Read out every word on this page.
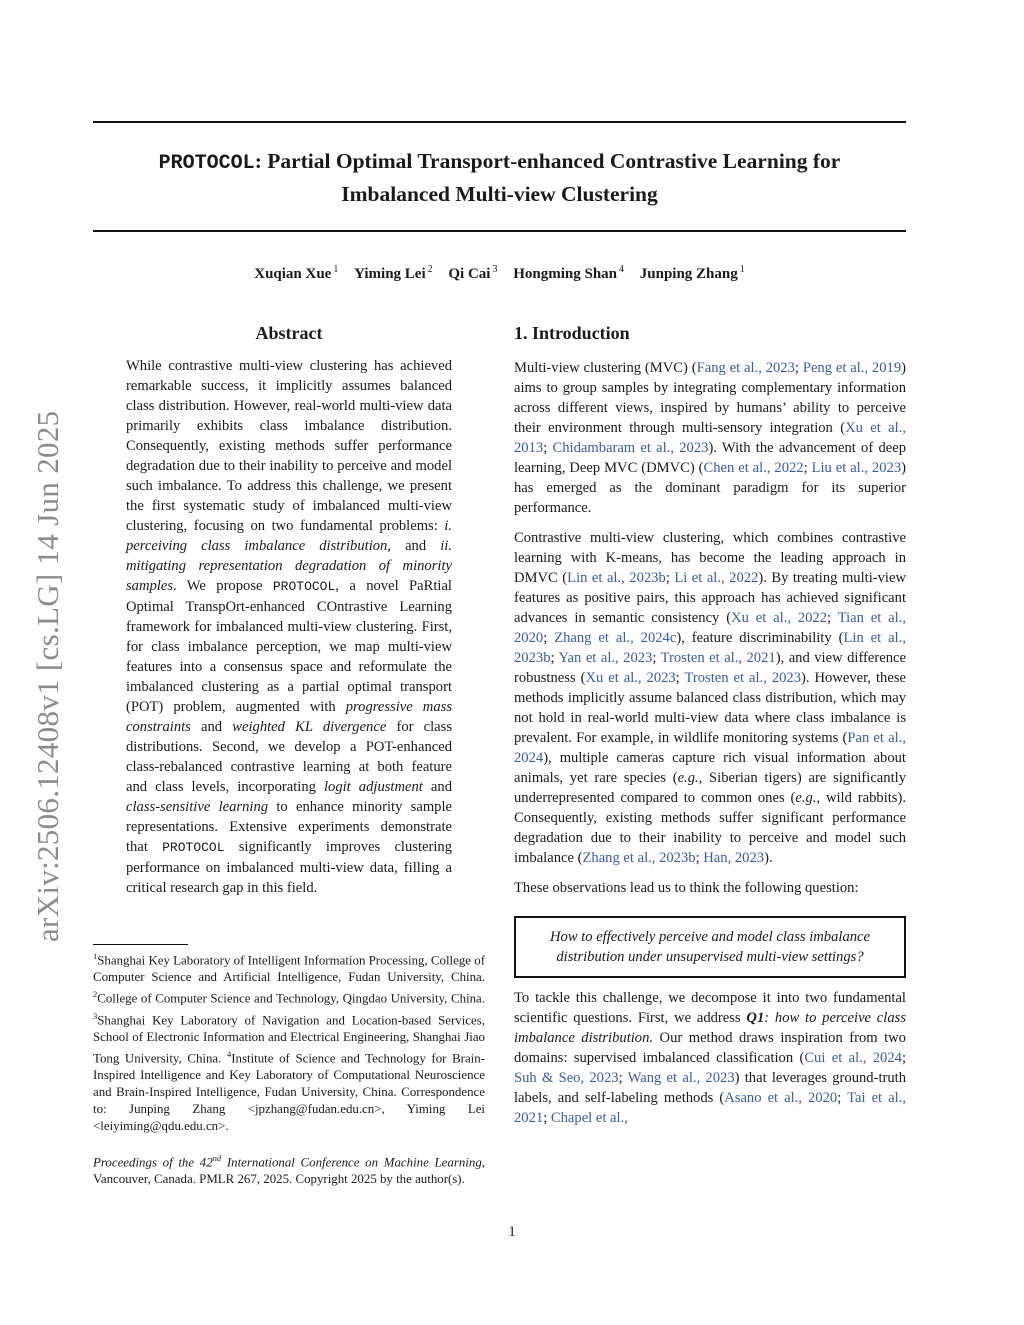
PROTOCOL: Partial Optimal Transport-enhanced Contrastive Learning for
Imbalanced Multi-view Clustering
Xuqian Xue $^1$ Yiming Lei $^2$ Qi Cai $^3$ Hongming Shan $^4$ Junping Zhang $^1$
arXiv:2506.12408v1 [cs.LG] 14 Jun 2025
Abstract

While contrastive multi-view clustering has achieved remarkable success, it implicitly assumes balanced class distribution. However, real-world multi-view data primarily exhibits class imbalance distribution. Consequently, existing methods suffer performance degradation due to their inability to perceive and model such imbalance. To address this challenge, we present the first systematic study of imbalanced multi-view clustering, focusing on two fundamental problems: i. perceiving class imbalance distribution, and ii. mitigating representation degradation of minority samples. We propose PROTOCOL, a novel PaRtial Optimal TranspOrt-enhanced COntrastive Learning framework for imbalanced multi-view clustering. First, for class imbalance perception, we map multi-view features into a consensus space and reformulate the imbalanced clustering as a partial optimal transport (POT) problem, augmented with progressive mass constraints and weighted KL divergence for class distributions. Second, we develop a POT-enhanced class-rebalanced contrastive learning at both feature and class levels, incorporating logit adjustment and class-sensitive learning to enhance minority sample representations. Extensive experiments demonstrate that PROTOCOL significantly improves clustering performance on imbalanced multi-view data, filling a critical research gap in this field.

$^1$Shanghai Key Laboratory of Intelligent Information Processing, College of Computer Science and Artificial Intelligence, Fudan University, China. $^2$College of Computer Science and Technology, Qingdao University, China. $^3$Shanghai Key Laboratory of Navigation and Location-based Services, School of Electronic Information and Electrical Engineering, Shanghai Jiao Tong University, China. $^4$Institute of Science and Technology for Brain-Inspired Intelligence and Key Laboratory of Computational Neuroscience and Brain-Inspired Intelligence, Fudan University, China. Correspondence to: Junping Zhang <jpzhang@fudan.edu.cn>, Yiming Lei <leiyiming@qdu.edu.cn>.
Proceedings of the 42nd International Conference on Machine Learning, Vancouver, Canada. PMLR 267, 2025. Copyright 2025 by the author(s).
1. Introduction

Multi-view clustering (MVC) (Fang et al., 2023; Peng et al., 2019) aims to group samples by integrating complementary information across different views, inspired by humans’ ability to perceive their environment through multi-sensory integration (Xu et al., 2013; Chidambaram et al., 2023). With the advancement of deep learning, Deep MVC (DMVC) (Chen et al., 2022; Liu et al., 2023) has emerged as the dominant paradigm for its superior performance.

Contrastive multi-view clustering, which combines contrastive learning with K-means, has become the leading approach in DMVC (Lin et al., 2023b; Li et al., 2022). By treating multi-view features as positive pairs, this approach has achieved significant advances in semantic consistency (Xu et al., 2022; Tian et al., 2020; Zhang et al., 2024c), feature discriminability (Lin et al., 2023b; Yan et al., 2023; Trosten et al., 2021), and view difference robustness (Xu et al., 2023; Trosten et al., 2023). However, these methods implicitly assume balanced class distribution, which may not hold in real-world multi-view data where class imbalance is prevalent. For example, in wildlife monitoring systems (Pan et al., 2024), multiple cameras capture rich visual information about animals, yet rare species (e.g., Siberian tigers) are significantly underrepresented compared to common ones (e.g., wild rabbits). Consequently, existing methods suffer significant performance degradation due to their inability to perceive and model such imbalance (Zhang et al., 2023b; Han, 2023).

These observations lead us to think the following question:

How to effectively perceive and model class imbalance distribution under unsupervised multi-view settings?

To tackle this challenge, we decompose it into two fundamental scientific questions. First, we address Q1: how to perceive class imbalance distribution. Our method draws inspiration from two domains: supervised imbalanced classification (Cui et al., 2024; Suh & Seo, 2023; Wang et al., 2023) that leverages ground-truth labels, and self-labeling methods (Asano et al., 2020; Tai et al., 2021; Chapel et al.,

1
